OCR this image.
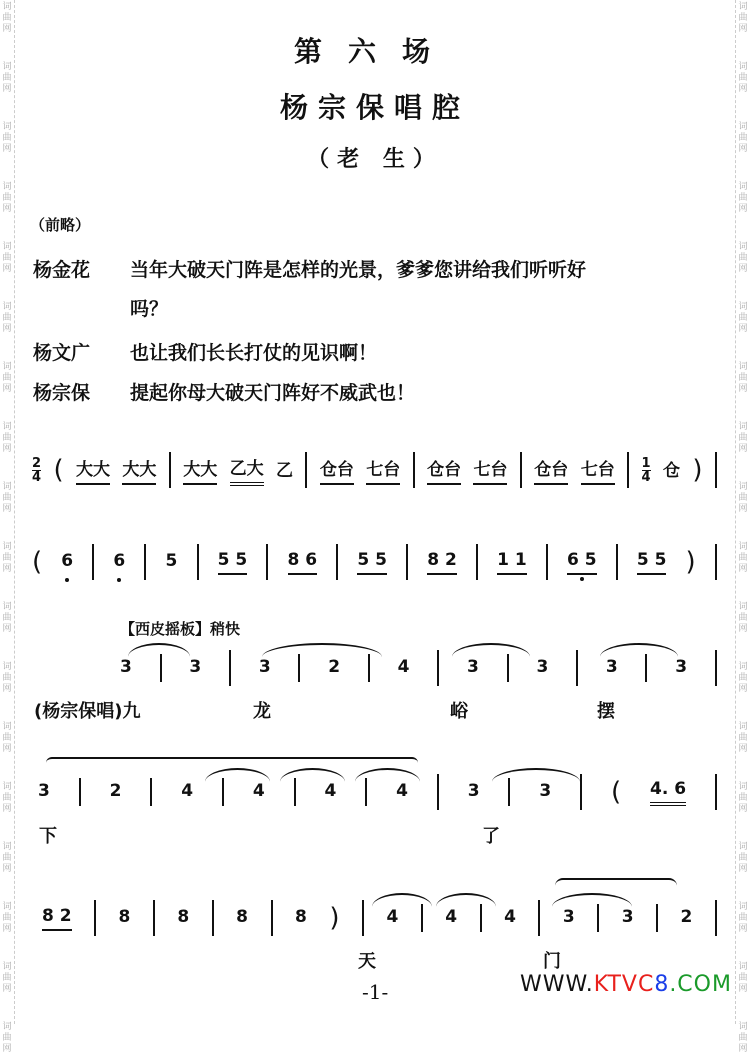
词曲网
词曲网
词曲网
词曲网
词曲网
词曲网
词曲网
词曲网
词曲网
词曲网
词曲网
词曲网
词曲网
词曲网
词曲网
词曲网
词曲网
词曲网
词曲网
词曲网
词曲网
词曲网
词曲网
词曲网
词曲网
词曲网
词曲网
词曲网
词曲网
词曲网
词曲网
词曲网
词曲网
词曲网
词曲网
词曲网
第六场
杨宗保唱腔
（老 生）
（前略）
杨金花 当年大破天门阵是怎样的光景，爹爹您讲给我们听听好
吗？
杨文广 也让我们长长打仗的见识啊！
杨宗保 提起你母大破天门阵好不威武也！
$\frac{2}{4}$ ( 大大 大大 大大 乙大 乙 仓台 七台 仓台 七台 仓台 七台 $\frac{1}{4}$ 仓 )
( 6 6 5 5 5 8 6 5 5 8 2 1 1 6 5 5 5 )
【西皮摇板】稍快
3	3	3	2	4	3	3	3	3
3	2	4	4	4	4	3	3 ( 4. 6
8 2	8	8	8	8 )	4	4	4	3	3	2
(杨宗保唱)九	龙	峪	摆
下	了
天	门
-1-	WWW.KTVC8.COM
